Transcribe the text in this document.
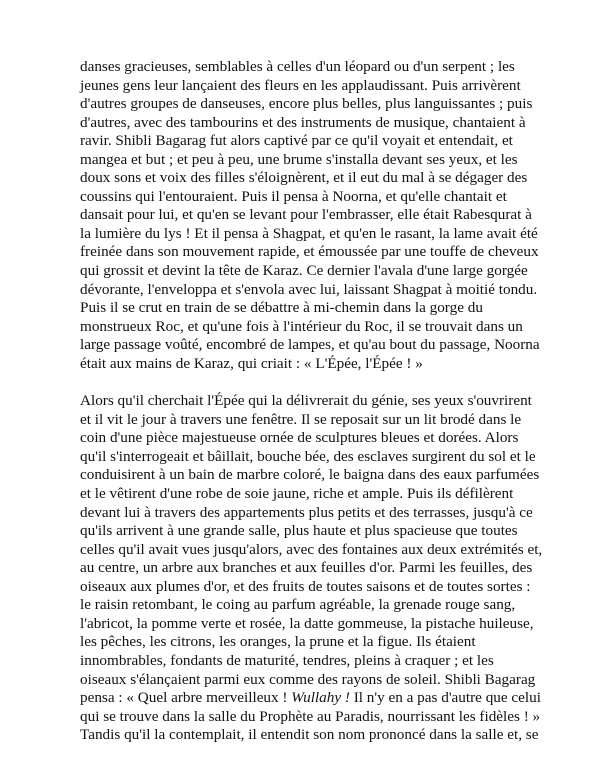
danses gracieuses, semblables à celles d'un léopard ou d'un serpent ; les
jeunes gens leur lançaient des fleurs en les applaudissant. Puis arrivèrent
d'autres groupes de danseuses, encore plus belles, plus languissantes ; puis
d'autres, avec des tambourins et des instruments de musique, chantaient à
ravir. Shibli Bagarag fut alors captivé par ce qu'il voyait et entendait, et
mangea et but ; et peu à peu, une brume s'installa devant ses yeux, et les
doux sons et voix des filles s'éloignèrent, et il eut du mal à se dégager des
coussins qui l'entouraient. Puis il pensa à Noorna, et qu'elle chantait et
dansait pour lui, et qu'en se levant pour l'embrasser, elle était Rabesqurat à
la lumière du lys ! Et il pensa à Shagpat, et qu'en le rasant, la lame avait été
freinée dans son mouvement rapide, et émoussée par une touffe de cheveux
qui grossit et devint la tête de Karaz. Ce dernier l'avala d'une large gorgée
dévorante, l'enveloppa et s'envola avec lui, laissant Shagpat à moitié tondu.
Puis il se crut en train de se débattre à mi-chemin dans la gorge du
monstrueux Roc, et qu'une fois à l'intérieur du Roc, il se trouvait dans un
large passage voûté, encombré de lampes, et qu'au bout du passage, Noorna
était aux mains de Karaz, qui criait : « L'Épée, l'Épée ! »
Alors qu'il cherchait l'Épée qui la délivrerait du génie, ses yeux s'ouvrirent
et il vit le jour à travers une fenêtre. Il se reposait sur un lit brodé dans le
coin d'une pièce majestueuse ornée de sculptures bleues et dorées. Alors
qu'il s'interrogeait et bâillait, bouche bée, des esclaves surgirent du sol et le
conduisirent à un bain de marbre coloré, le baigna dans des eaux parfumées
et le vêtirent d'une robe de soie jaune, riche et ample. Puis ils défilèrent
devant lui à travers des appartements plus petits et des terrasses, jusqu'à ce
qu'ils arrivent à une grande salle, plus haute et plus spacieuse que toutes
celles qu'il avait vues jusqu'alors, avec des fontaines aux deux extrémités et,
au centre, un arbre aux branches et aux feuilles d'or. Parmi les feuilles, des
oiseaux aux plumes d'or, et des fruits de toutes saisons et de toutes sortes :
le raisin retombant, le coing au parfum agréable, la grenade rouge sang,
l'abricot, la pomme verte et rosée, la datte gommeuse, la pistache huileuse,
les pêches, les citrons, les oranges, la prune et la figue. Ils étaient
innombrables, fondants de maturité, tendres, pleins à craquer ; et les
oiseaux s'élançaient parmi eux comme des rayons de soleil. Shibli Bagarag
pensa : « Quel arbre merveilleux ! Wullahy ! Il n'y en a pas d'autre que celui
qui se trouve dans la salle du Prophète au Paradis, nourrissant les fidèles ! »
Tandis qu'il la contemplait, il entendit son nom prononcé dans la salle et, se
